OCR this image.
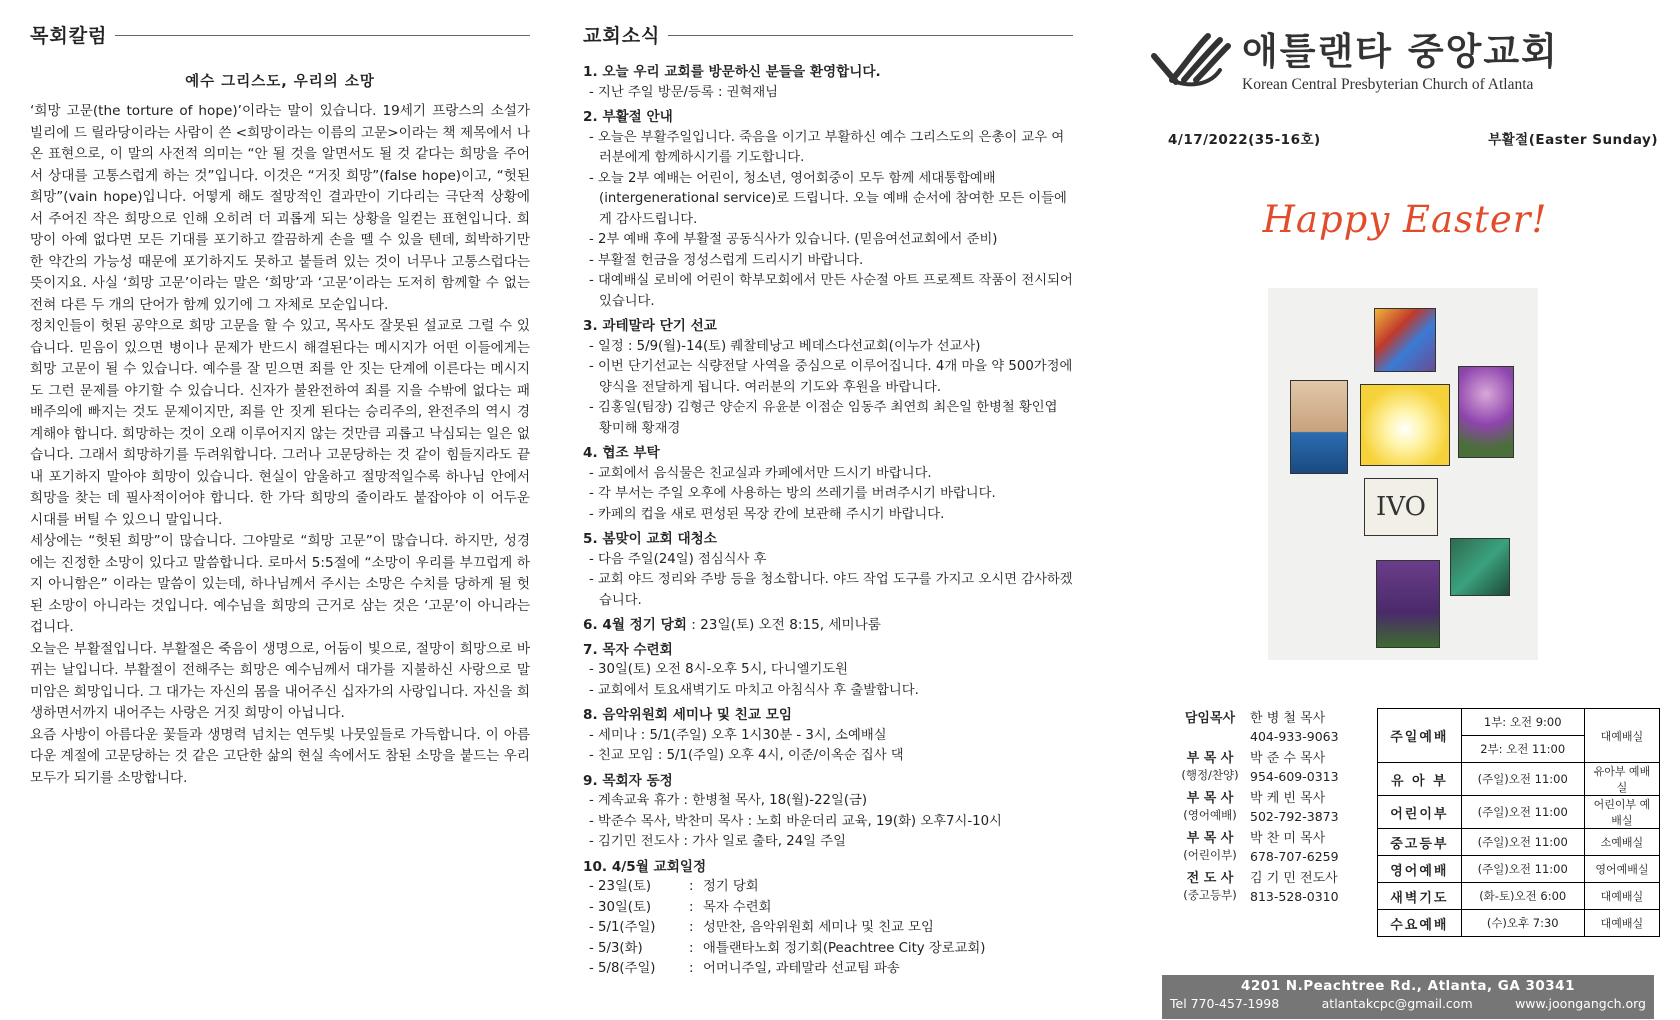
목회칼럼
예수 그리스도, 우리의 소망

‘희망 고문(the torture of hope)’이라는 말이 있습니다. 19세기 프랑스의 소설가 빌리에 드 릴라당이라는 사람이 쓴 <희망이라는 이름의 고문>이라는 책 제목에서 나온 표현으로, 이 말의 사전적 의미는 “안 될 것을 알면서도 될 것 같다는 희망을 주어서 상대를 고통스럽게 하는 것”입니다. 이것은 “거짓 희망”(false hope)이고, “헛된 희망”(vain hope)입니다. 어떻게 해도 절망적인 결과만이 기다리는 극단적 상황에서 주어진 작은 희망으로 인해 오히려 더 괴롭게 되는 상황을 일컫는 표현입니다. 희망이 아예 없다면 모든 기대를 포기하고 깔끔하게 손을 뗄 수 있을 텐데, 희박하기만 한 약간의 가능성 때문에 포기하지도 못하고 붙들려 있는 것이 너무나 고통스럽다는 뜻이지요. 사실 ‘희망 고문’이라는 말은 ‘희망’과 ‘고문’이라는 도저히 함께할 수 없는 전혀 다른 두 개의 단어가 함께 있기에 그 자체로 모순입니다.

정치인들이 헛된 공약으로 희망 고문을 할 수 있고, 목사도 잘못된 설교로 그럴 수 있습니다. 믿음이 있으면 병이나 문제가 반드시 해결된다는 메시지가 어떤 이들에게는 희망 고문이 될 수 있습니다. 예수를 잘 믿으면 죄를 안 짓는 단계에 이른다는 메시지도 그런 문제를 야기할 수 있습니다. 신자가 불완전하여 죄를 지을 수밖에 없다는 패배주의에 빠지는 것도 문제이지만, 죄를 안 짓게 된다는 승리주의, 완전주의 역시 경계해야 합니다. 희망하는 것이 오래 이루어지지 않는 것만큼 괴롭고 낙심되는 일은 없습니다. 그래서 희망하기를 두려워합니다. 그러나 고문당하는 것 같이 힘들지라도 끝내 포기하지 말아야 희망이 있습니다. 현실이 암울하고 절망적일수록 하나님 안에서 희망을 찾는 데 필사적이어야 합니다. 한 가닥 희망의 줄이라도 붙잡아야 이 어두운 시대를 버틸 수 있으니 말입니다.

세상에는 “헛된 희망”이 많습니다. 그야말로 “희망 고문”이 많습니다. 하지만, 성경에는 진정한 소망이 있다고 말씀합니다. 로마서 5:5절에 “소망이 우리를 부끄럽게 하지 아니함은” 이라는 말씀이 있는데, 하나님께서 주시는 소망은 수치를 당하게 될 헛된 소망이 아니라는 것입니다. 예수님을 희망의 근거로 삼는 것은 ‘고문’이 아니라는 겁니다.

오늘은 부활절입니다. 부활절은 죽음이 생명으로, 어둠이 빛으로, 절망이 희망으로 바뀌는 날입니다. 부활절이 전해주는 희망은 예수님께서 대가를 지불하신 사랑으로 말미암은 희망입니다. 그 대가는 자신의 몸을 내어주신 십자가의 사랑입니다. 자신을 희생하면서까지 내어주는 사랑은 거짓 희망이 아닙니다.

요즘 사방이 아름다운 꽃들과 생명력 넘치는 연두빛 나뭇잎들로 가득합니다. 이 아름다운 계절에 고문당하는 것 같은 고단한 삶의 현실 속에서도 참된 소망을 붙드는 우리 모두가 되기를 소망합니다.

교회소식
1. 오늘 우리 교회를 방문하신 분들을 환영합니다.
- 지난 주일 방문/등록 : 권혁재님
2. 부활절 안내
- 오늘은 부활주일입니다. 죽음을 이기고 부활하신 예수 그리스도의 은총이 교우 여러분에게 함께하시기를 기도합니다.
- 오늘 2부 예배는 어린이, 청소년, 영어회중이 모두 함께 세대통합예배(intergenerational service)로 드립니다. 오늘 예배 순서에 참여한 모든 이들에게 감사드립니다.
- 2부 예배 후에 부활절 공동식사가 있습니다. (믿음여선교회에서 준비)
- 부활절 헌금을 정성스럽게 드리시기 바랍니다.
- 대예배실 로비에 어린이 학부모회에서 만든 사순절 아트 프로젝트 작품이 전시되어 있습니다.
3. 과테말라 단기 선교
- 일정 : 5/9(월)-14(토) 퀘찰테낭고 베데스다선교회(이누가 선교사)
- 이번 단기선교는 식량전달 사역을 중심으로 이루어집니다. 4개 마을 약 500가정에 양식을 전달하게 됩니다. 여러분의 기도와 후원을 바랍니다.
- 김홍일(팀장) 김형근 양순지 유윤분 이점순 임동주 최연희 최은일 한병철 황인엽 황미해 황재경
4. 협조 부탁
- 교회에서 음식물은 친교실과 카페에서만 드시기 바랍니다.
- 각 부서는 주일 오후에 사용하는 방의 쓰레기를 버려주시기 바랍니다.
- 카페의 컵을 새로 편성된 목장 칸에 보관해 주시기 바랍니다.
5. 봄맞이 교회 대청소
- 다음 주일(24일) 점심식사 후
- 교회 야드 정리와 주방 등을 청소합니다. 야드 작업 도구를 가지고 오시면 감사하겠습니다.
6. 4월 정기 당회 : 23일(토) 오전 8:15, 세미나룸
7. 목자 수련회
- 30일(토) 오전 8시-오후 5시, 다니엘기도원
- 교회에서 토요새벽기도 마치고 아침식사 후 출발합니다.
8. 음악위원회 세미나 및 친교 모임
- 세미나 : 5/1(주일) 오후 1시30분 - 3시, 소예배실
- 친교 모임 : 5/1(주일) 오후 4시, 이준/이옥순 집사 댁
9. 목회자 동정
- 계속교육 휴가 : 한병철 목사, 18(월)-22일(금)
- 박준수 목사, 박찬미 목사 : 노회 바운더리 교육, 19(화) 오후7시-10시
- 김기민 전도사 : 가사 일로 출타, 24일 주일
10. 4/5월 교회일정
- 23일(토)	: 정기 당회
- 30일(토)	: 목자 수련회
- 5/1(주일)	: 성만찬, 음악위원회 세미나 및 친교 모임
- 5/3(화)	: 애틀랜타노회 정기회(Peachtree City 장로교회)
- 5/8(주일)	: 어머니주일, 과테말라 선교팀 파송
애틀랜타 중앙교회
Korean Central Presbyterian Church of Atlanta
4/17/2022(35-16호)	부활절(Easter Sunday)
Happy Easter!
IVO
담임목사	한 병 철 목사
404-933-9063
부 목 사
(행정/찬양)
박 준 수 목사
954-609-0313
부 목 사
(영어예배)
박 케 빈 목사
502-792-3873
부 목 사
(어린이부)
박 찬 미 목사
678-707-6259
전 도 사
(중고등부)
김 기 민 전도사
813-528-0310
주일예배	1부: 오전 9:00	대예배실
	2부: 오전 11:00	
유 아 부	(주일)오전 11:00	유아부 예배실
어린이부	(주일)오전 11:00	어린이부 예배실
중고등부	(주일)오전 11:00	소예배실
영어예배	(주일)오전 11:00	영어예배실
새벽기도	(화-토)오전 6:00	대예배실
수요예배	(수)오후 7:30	대예배실
4201 N.Peachtree Rd., Atlanta, GA 30341
Tel 770-457-1998	atlantakcpc@gmail.com	www.joongangch.org
